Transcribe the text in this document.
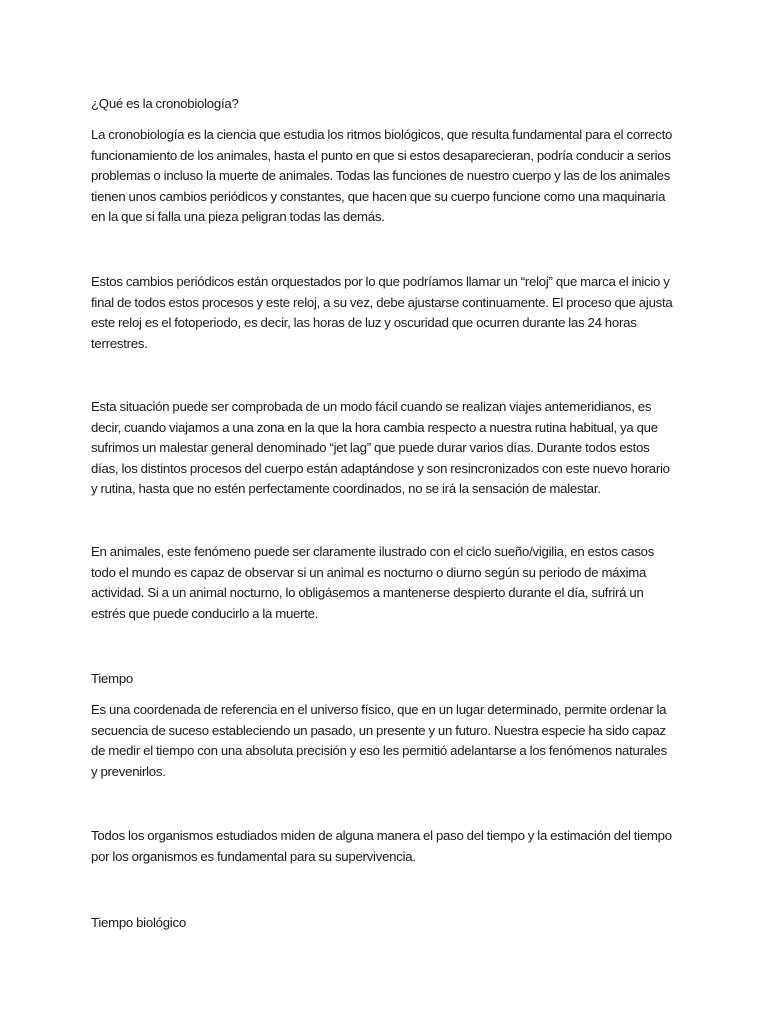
¿Qué es la cronobiología?

La cronobiología es la ciencia que estudia los ritmos biológicos, que resulta fundamental para el correcto

funcionamiento de los animales, hasta el punto en que si estos desaparecieran, podría conducir a serios

problemas o incluso la muerte de animales. Todas las funciones de nuestro cuerpo y las de los animales

tienen unos cambios periódicos y constantes, que hacen que su cuerpo funcione como una maquinaria

en la que si falla una pieza peligran todas las demás.

Estos cambios periódicos están orquestados por lo que podríamos llamar un “reloj” que marca el inicio y

final de todos estos procesos y este reloj, a su vez, debe ajustarse continuamente. El proceso que ajusta

este reloj es el fotoperiodo, es decir, las horas de luz y oscuridad que ocurren durante las 24 horas

terrestres.

Esta situación puede ser comprobada de un modo fácil cuando se realizan viajes antemeridianos, es

decir, cuando viajamos a una zona en la que la hora cambia respecto a nuestra rutina habitual, ya que

sufrimos un malestar general denominado “jet lag” que puede durar varios días. Durante todos estos

días, los distintos procesos del cuerpo están adaptándose y son resincronizados con este nuevo horario

y rutina, hasta que no estén perfectamente coordinados, no se irá la sensación de malestar.

En animales, este fenómeno puede ser claramente ilustrado con el ciclo sueño/vigilia, en estos casos

todo el mundo es capaz de observar si un animal es nocturno o diurno según su periodo de máxima

actividad. Si a un animal nocturno, lo obligásemos a mantenerse despierto durante el día, sufrirá un

estrés que puede conducirlo a la muerte.

Tiempo

Es una coordenada de referencia en el universo físico, que en un lugar determinado, permite ordenar la

secuencia de suceso estableciendo un pasado, un presente y un futuro. Nuestra especie ha sido capaz

de medir el tiempo con una absoluta precisión y eso les permitió adelantarse a los fenómenos naturales

y prevenirlos.

Todos los organismos estudiados miden de alguna manera el paso del tiempo y la estimación del tiempo

por los organismos es fundamental para su supervivencia.

Tiempo biológico
